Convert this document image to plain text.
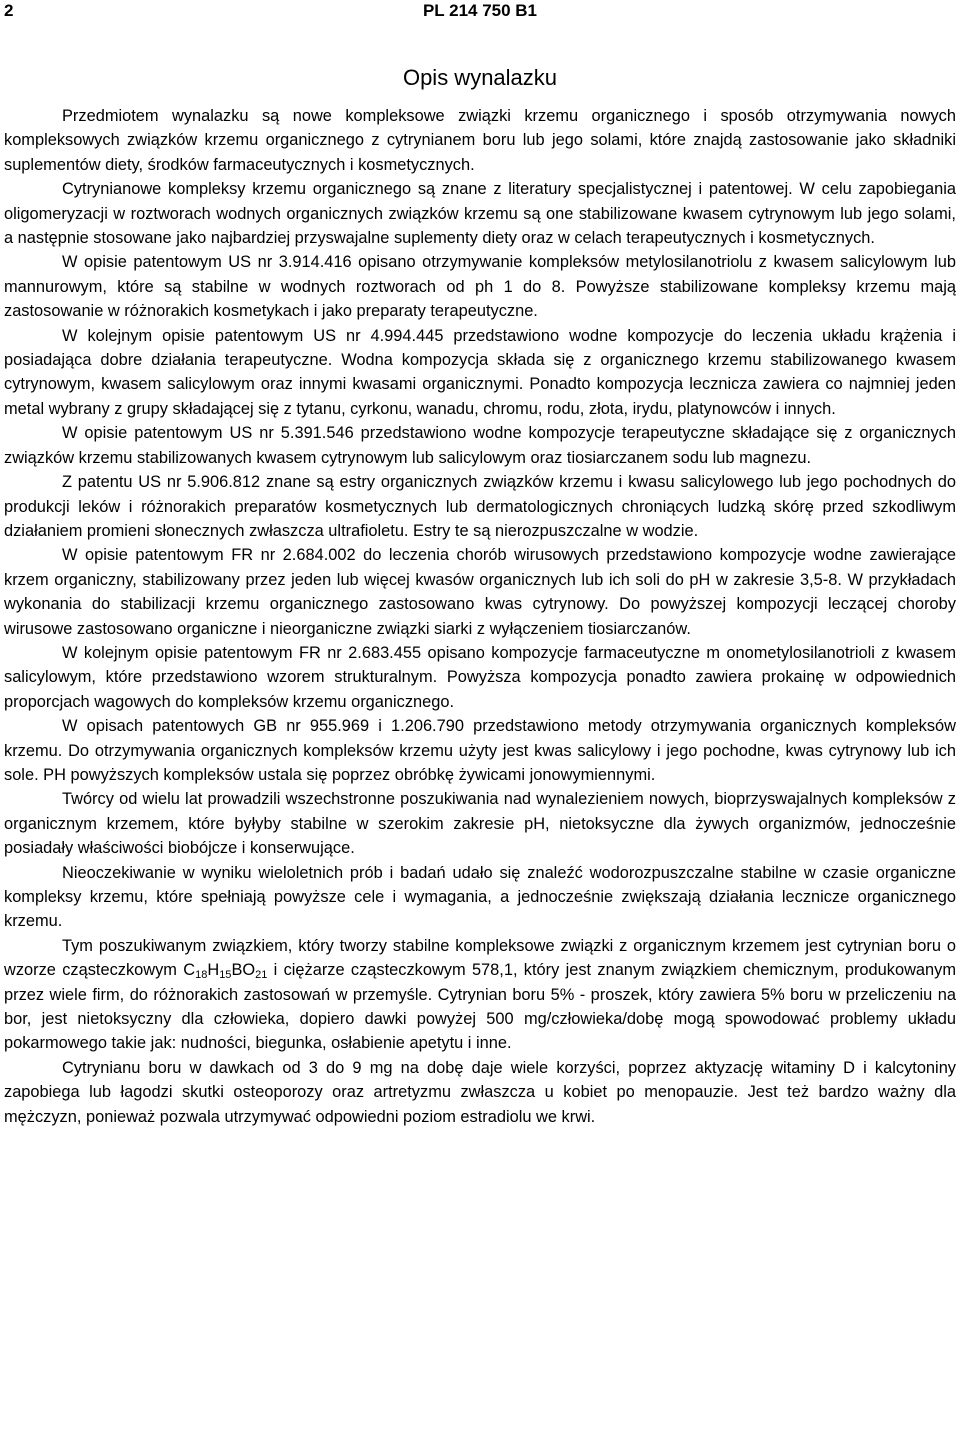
2	PL 214 750 B1
Opis wynalazku

Przedmiotem wynalazku są nowe kompleksowe związki krzemu organicznego i sposób otrzymywania nowych kompleksowych związków krzemu organicznego z cytrynianem boru lub jego solami, które znajdą zastosowanie jako składniki suplementów diety, środków farmaceutycznych i kosmetycznych.

Cytrynianowe kompleksy krzemu organicznego są znane z literatury specjalistycznej i patentowej. W celu zapobiegania oligomeryzacji w roztworach wodnych organicznych związków krzemu są one stabilizowane kwasem cytrynowym lub jego solami, a następnie stosowane jako najbardziej przyswajalne suplementy diety oraz w celach terapeutycznych i kosmetycznych.

W opisie patentowym US nr 3.914.416 opisano otrzymywanie kompleksów metylosilanotriolu z kwasem salicylowym lub mannurowym, które są stabilne w wodnych roztworach od ph 1 do 8. Powyższe stabilizowane kompleksy krzemu mają zastosowanie w różnorakich kosmetykach i jako preparaty terapeutyczne.

W kolejnym opisie patentowym US nr 4.994.445 przedstawiono wodne kompozycje do leczenia układu krążenia i posiadająca dobre działania terapeutyczne. Wodna kompozycja składa się z organicznego krzemu stabilizowanego kwasem cytrynowym, kwasem salicylowym oraz innymi kwasami organicznymi. Ponadto kompozycja lecznicza zawiera co najmniej jeden metal wybrany z grupy składającej się z tytanu, cyrkonu, wanadu, chromu, rodu, złota, irydu, platynowców i innych.

W opisie patentowym US nr 5.391.546 przedstawiono wodne kompozycje terapeutyczne składające się z organicznych związków krzemu stabilizowanych kwasem cytrynowym lub salicylowym oraz tiosiarczanem sodu lub magnezu.

Z patentu US nr 5.906.812 znane są estry organicznych związków krzemu i kwasu salicylowego lub jego pochodnych do produkcji leków i różnorakich preparatów kosmetycznych lub dermatologicznych chroniących ludzką skórę przed szkodliwym działaniem promieni słonecznych zwłaszcza ultrafioletu. Estry te są nierozpuszczalne w wodzie.

W opisie patentowym FR nr 2.684.002 do leczenia chorób wirusowych przedstawiono kompozycje wodne zawierające krzem organiczny, stabilizowany przez jeden lub więcej kwasów organicznych lub ich soli do pH w zakresie 3,5-8. W przykładach wykonania do stabilizacji krzemu organicznego zastosowano kwas cytrynowy. Do powyższej kompozycji leczącej choroby wirusowe zastosowano organiczne i nieorganiczne związki siarki z wyłączeniem tiosiarczanów.

W kolejnym opisie patentowym FR nr 2.683.455 opisano kompozycje farmaceutyczne m onometylosilanotrioli z kwasem salicylowym, które przedstawiono wzorem strukturalnym. Powyższa kompozycja ponadto zawiera prokainę w odpowiednich proporcjach wagowych do kompleksów krzemu organicznego.

W opisach patentowych GB nr 955.969 i 1.206.790 przedstawiono metody otrzymywania organicznych kompleksów krzemu. Do otrzymywania organicznych kompleksów krzemu użyty jest kwas salicylowy i jego pochodne, kwas cytrynowy lub ich sole. PH powyższych kompleksów ustala się poprzez obróbkę żywicami jonowymiennymi.

Twórcy od wielu lat prowadzili wszechstronne poszukiwania nad wynalezieniem nowych, bioprzyswajalnych kompleksów z organicznym krzemem, które byłyby stabilne w szerokim zakresie pH, nietoksyczne dla żywych organizmów, jednocześnie posiadały właściwości biobójcze i konserwujące.

Nieoczekiwanie w wyniku wieloletnich prób i badań udało się znaleźć wodorozpuszczalne stabilne w czasie organiczne kompleksy krzemu, które spełniają powyższe cele i wymagania, a jednocześnie zwiększają działania lecznicze organicznego krzemu.

Tym poszukiwanym związkiem, który tworzy stabilne kompleksowe związki z organicznym krzemem jest cytrynian boru o wzorze cząsteczkowym $C_{18}H_{15}BO_{21}$ i ciężarze cząsteczkowym 578,1, który jest znanym związkiem chemicznym, produkowanym przez wiele firm, do różnorakich zastosowań w przemyśle. Cytrynian boru 5% - proszek, który zawiera 5% boru w przeliczeniu na bor, jest nietoksyczny dla człowieka, dopiero dawki powyżej 500 mg/człowieka/dobę mogą spowodować problemy układu pokarmowego takie jak: nudności, biegunka, osłabienie apetytu i inne.

Cytrynianu boru w dawkach od 3 do 9 mg na dobę daje wiele korzyści, poprzez aktyzację witaminy D i kalcytoniny zapobiega lub łagodzi skutki osteoporozy oraz artretyzmu zwłaszcza u kobiet po menopauzie. Jest też bardzo ważny dla mężczyzn, ponieważ pozwala utrzymywać odpowiedni poziom estradiolu we krwi.
